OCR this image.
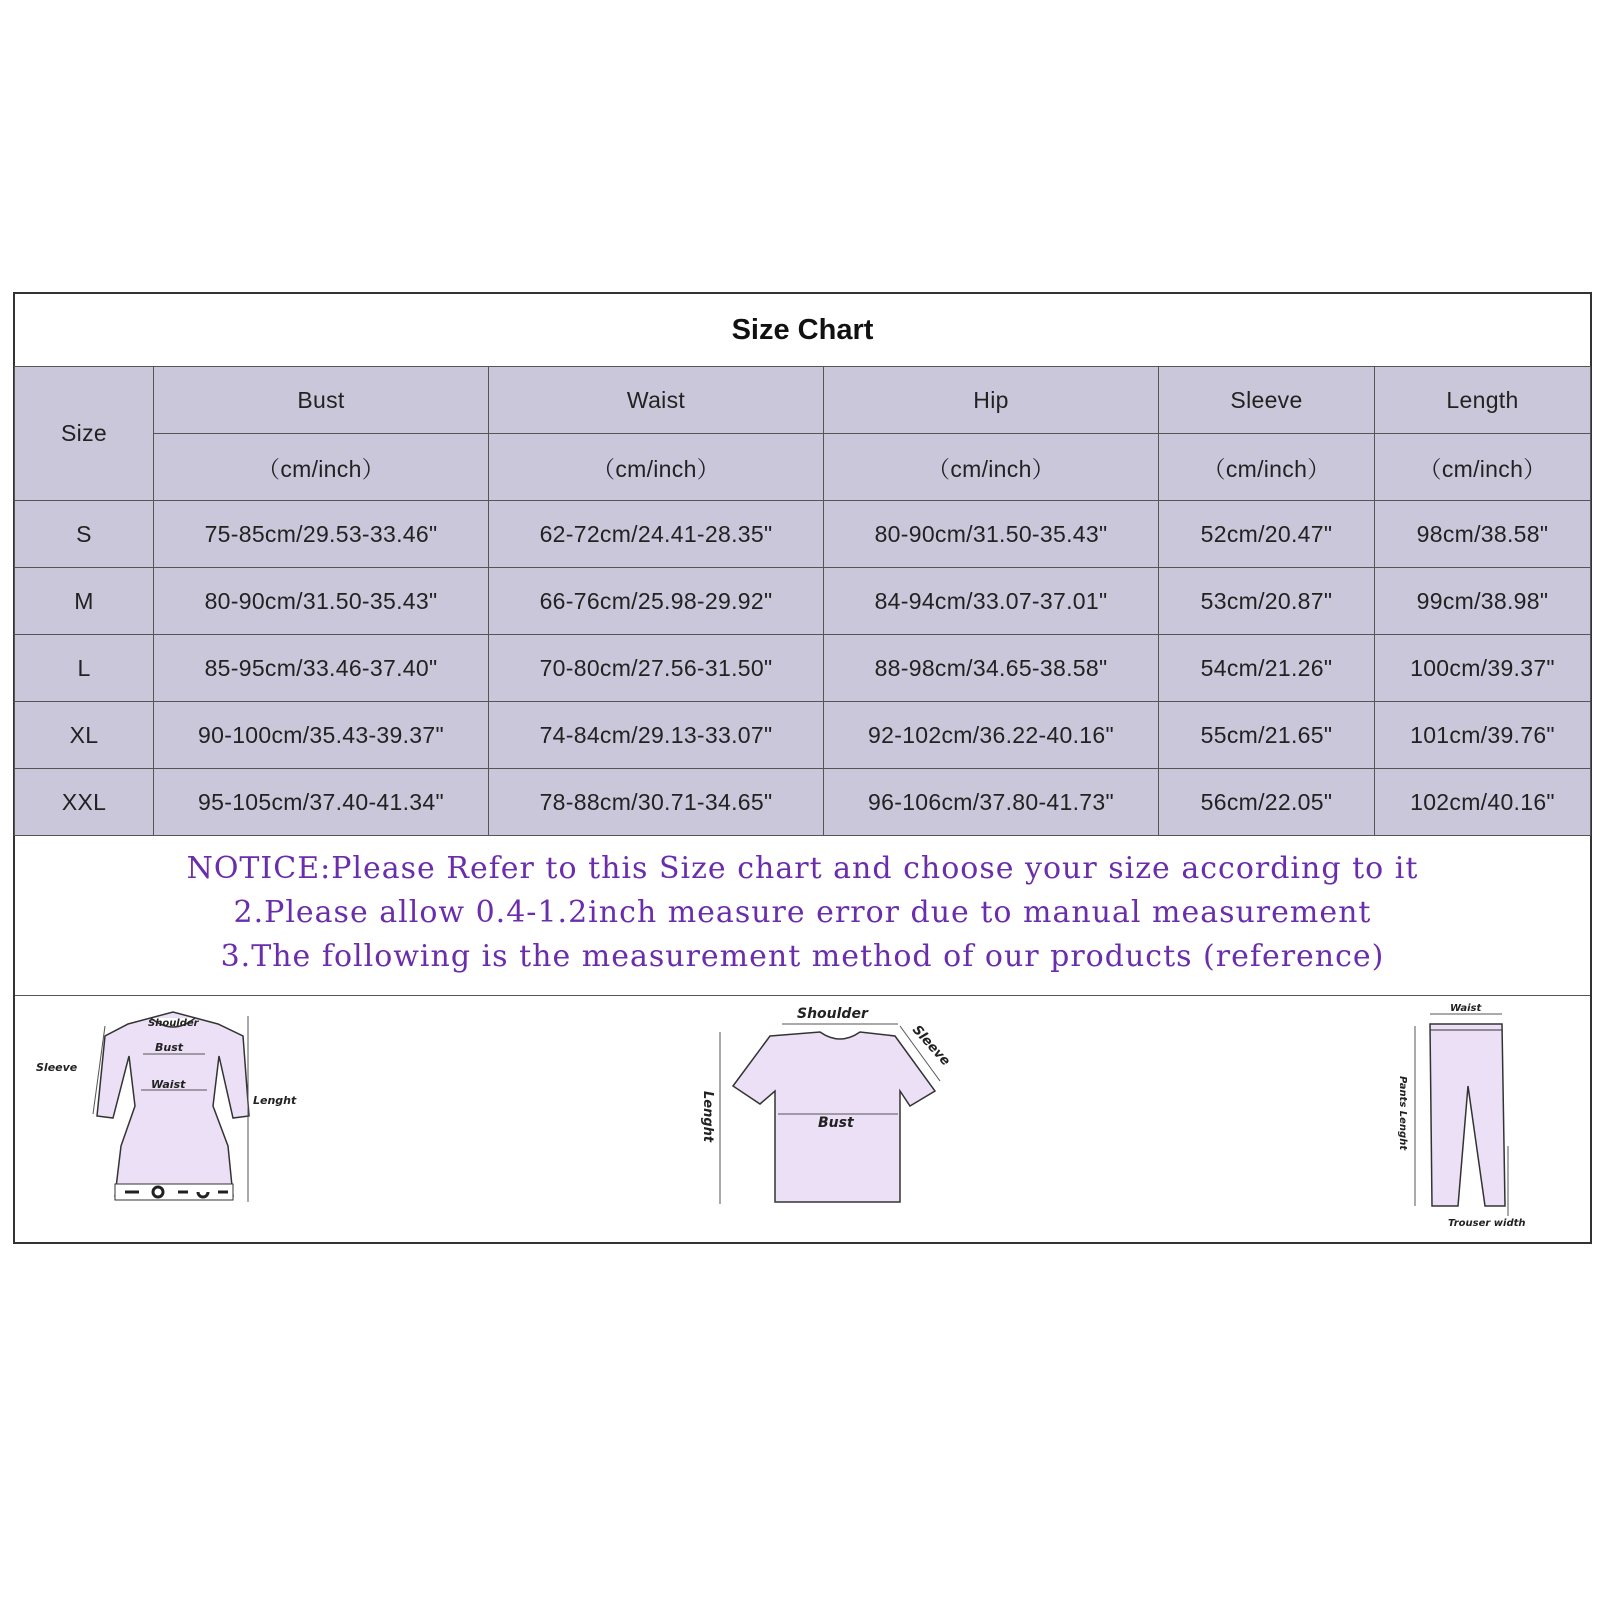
Size Chart
Size	Bust	Waist	Hip	Sleeve	Length
	（cm/inch）	（cm/inch）	（cm/inch）	（cm/inch）	（cm/inch）
S	75-85cm/29.53-33.46"	62-72cm/24.41-28.35"	80-90cm/31.50-35.43"	52cm/20.47"	98cm/38.58"
M	80-90cm/31.50-35.43"	66-76cm/25.98-29.92"	84-94cm/33.07-37.01"	53cm/20.87"	99cm/38.98"
L	85-95cm/33.46-37.40"	70-80cm/27.56-31.50"	88-98cm/34.65-38.58"	54cm/21.26"	100cm/39.37"
XL	90-100cm/35.43-39.37"	74-84cm/29.13-33.07"	92-102cm/36.22-40.16"	55cm/21.65"	101cm/39.76"
XXL	95-105cm/37.40-41.34"	78-88cm/30.71-34.65"	96-106cm/37.80-41.73"	56cm/22.05"	102cm/40.16"
NOTICE:Please Refer to this Size chart and choose your size according to it
2.Please allow 0.4-1.2inch measure error due to manual measurement
3.The following is the measurement method of our products (reference)
Shoulder
Bust
Waist
Sleeve
Lenght
Shoulder
Bust
Sleeve
Lenght
Waist
Pants Lenght
Trouser width
